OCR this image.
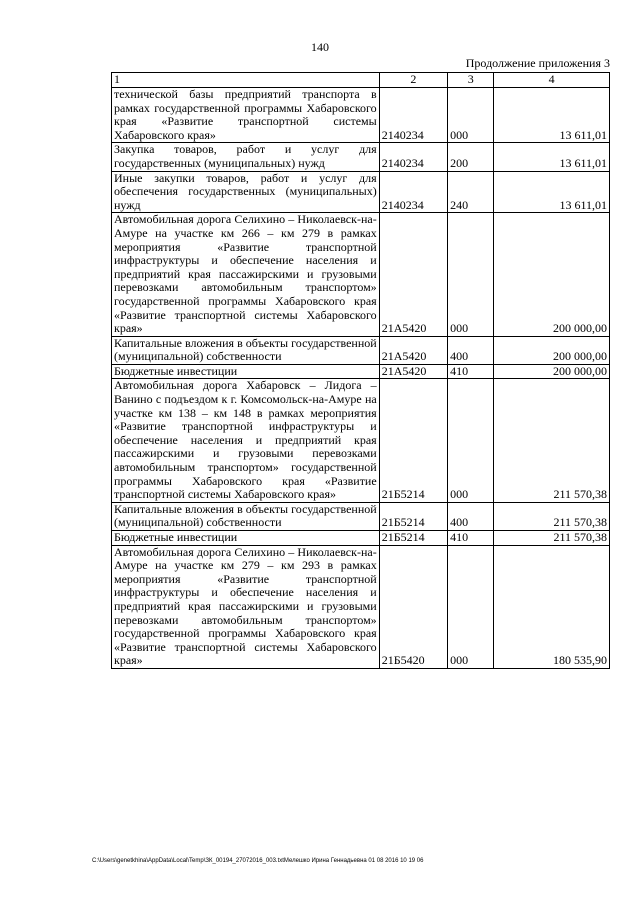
140
Продолжение приложения 3
1	2	3	4
технической базы предприятий транспорта в рамках государственной программы Хабаровского края «Развитие транспортной системы Хабаровского края»	2140234	000	13 611,01
Закупка товаров, работ и услуг для государственных (муниципальных) нужд	2140234	200	13 611,01
Иные закупки товаров, работ и услуг для обеспечения государственных (муниципальных) нужд	2140234	240	13 611,01
Автомобильная дорога Селихино – Николаевск-на-Амуре на участке км 266 – км 279 в рамках мероприятия «Развитие транспортной инфраструктуры и обеспечение населения и предприятий края пассажирскими и грузовыми перевозками автомобильным транспортом» государственной программы Хабаровского края «Развитие транспортной системы Хабаровского края»	21А5420	000	200 000,00
Капитальные вложения в объекты государственной (муниципальной) собственности	21А5420	400	200 000,00
Бюджетные инвестиции	21А5420	410	200 000,00
Автомобильная дорога Хабаровск – Лидога – Ванино с подъездом к г. Комсомольск-на-Амуре на участке км 138 – км 148 в рамках мероприятия «Развитие транспортной инфраструктуры и обеспечение населения и предприятий края пассажирскими и грузовыми перевозками автомобильным транспортом» государственной программы Хабаровского края «Развитие транспортной системы Хабаровского края»	21Б5214	000	211 570,38
Капитальные вложения в объекты государственной (муниципальной) собственности	21Б5214	400	211 570,38
Бюджетные инвестиции	21Б5214	410	211 570,38
Автомобильная дорога Селихино – Николаевск-на-Амуре на участке км 279 – км 293 в рамках мероприятия «Развитие транспортной инфраструктуры и обеспечение населения и предприятий края пассажирскими и грузовыми перевозками автомобильным транспортом» государственной программы Хабаровского края «Развитие транспортной системы Хабаровского края»	21Б5420	000	180 535,90
C:\Users\genetkhina\AppData\Local\Temp\ЗК_00194_27072016_003.txtМелешко Ирина Геннадьевна 01 08 2016 10 19 06
